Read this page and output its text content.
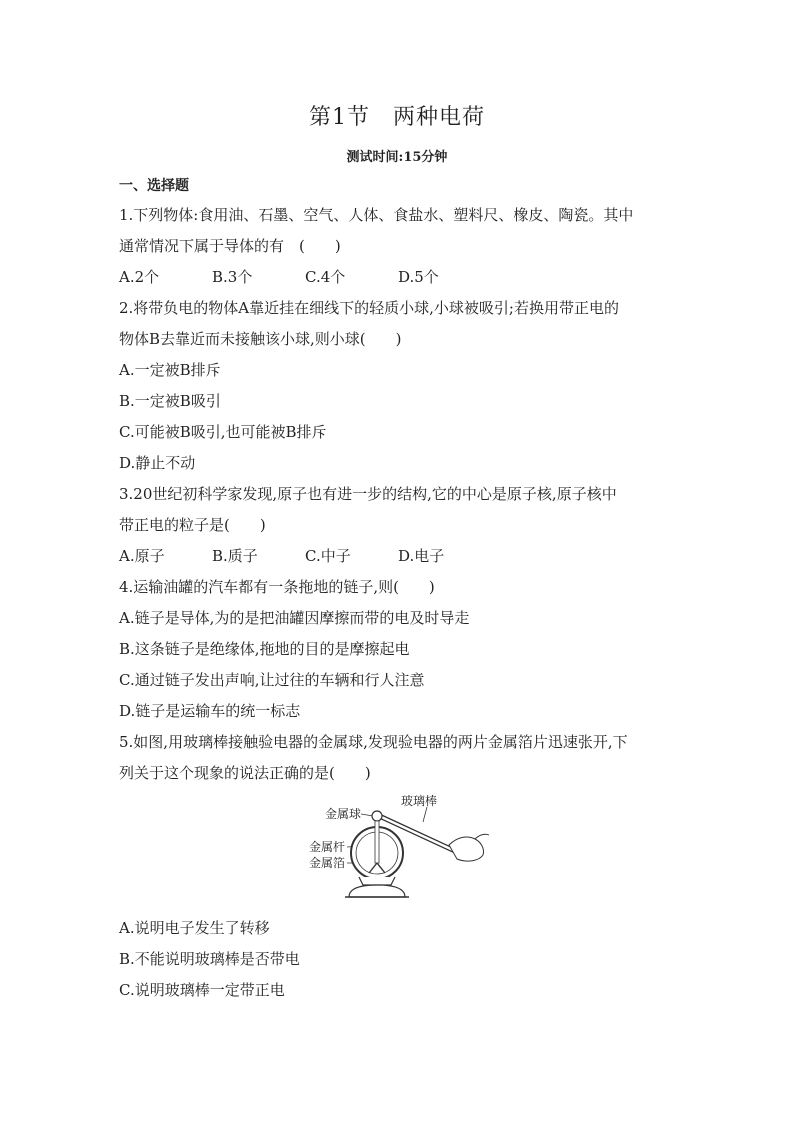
第1节　两种电荷
测试时间:15分钟
一、选择题
1.下列物体:食用油、石墨、空气、人体、食盐水、塑料尺、橡皮、陶瓷。其中
通常情况下属于导体的有　(　　)
A.2个	B.3个	C.4个	D.5个
2.将带负电的物体A靠近挂在细线下的轻质小球,小球被吸引;若换用带正电的
物体B去靠近而未接触该小球,则小球(　　)
A.一定被B排斥
B.一定被B吸引
C.可能被B吸引,也可能被B排斥
D.静止不动
3.20世纪初科学家发现,原子也有进一步的结构,它的中心是原子核,原子核中
带正电的粒子是(　　)
A.原子	B.质子	C.中子	D.电子
4.运输油罐的汽车都有一条拖地的链子,则(　　)
A.链子是导体,为的是把油罐因摩擦而带的电及时导走
B.这条链子是绝缘体,拖地的目的是摩擦起电
C.通过链子发出声响,让过往的车辆和行人注意
D.链子是运输车的统一标志
5.如图,用玻璃棒接触验电器的金属球,发现验电器的两片金属箔片迅速张开,下
列关于这个现象的说法正确的是(　　)
玻璃棒
金属球
金属杆
金属箔
A.说明电子发生了转移
B.不能说明玻璃棒是否带电
C.说明玻璃棒一定带正电
